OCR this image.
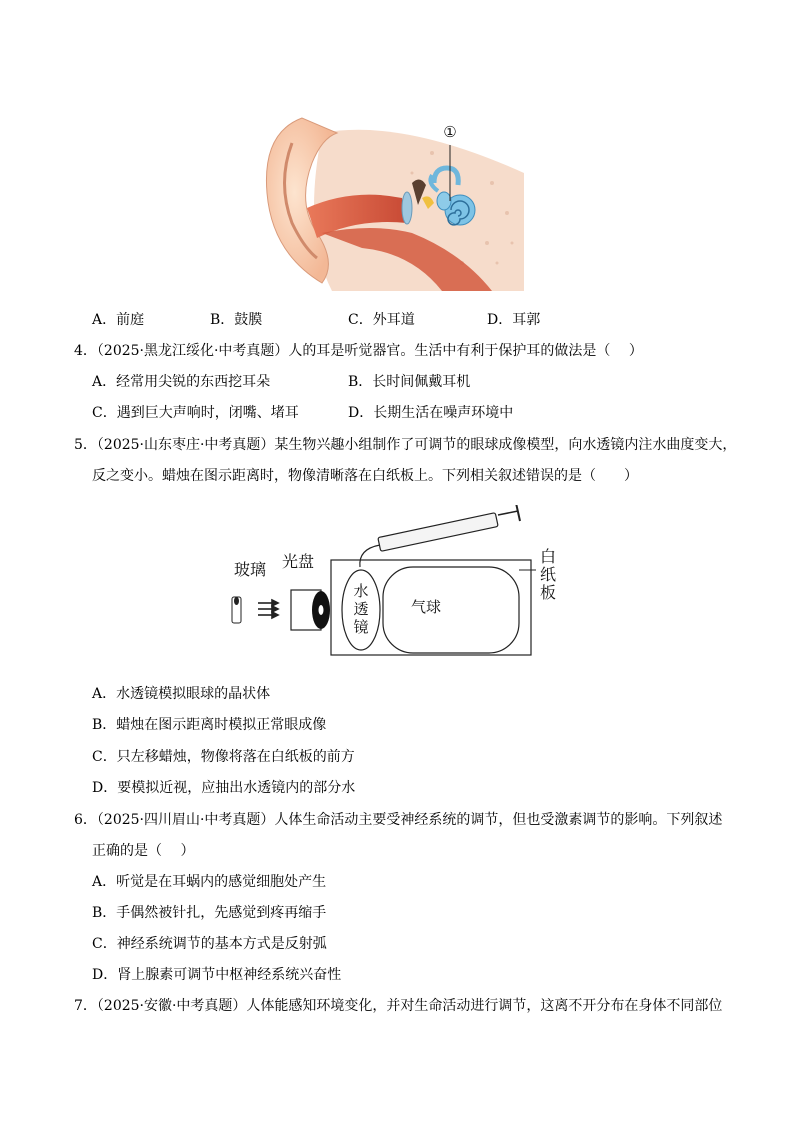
①
A．前庭	B．鼓膜	C．外耳道	D．耳郭
4．（2025·黑龙江绥化·中考真题）人的耳是听觉器官。生活中有利于保护耳的做法是（　 ）
A．经常用尖锐的东西挖耳朵	B．长时间佩戴耳机
C．遇到巨大声响时，闭嘴、堵耳	D．长期生活在噪声环境中
5．（2025·山东枣庄·中考真题）某生物兴趣小组制作了可调节的眼球成像模型，向水透镜内注水曲度变大，
反之变小。蜡烛在图示距离时，物像清晰落在白纸板上。下列相关叙述错误的是（　　）
玻璃 光盘
水
透
镜
气球
白
纸
板
A．水透镜模拟眼球的晶状体
B．蜡烛在图示距离时模拟正常眼成像
C．只左移蜡烛，物像将落在白纸板的前方
D．要模拟近视，应抽出水透镜内的部分水
6．（2025·四川眉山·中考真题）人体生命活动主要受神经系统的调节，但也受激素调节的影响。下列叙述
正确的是（　 ）
A．听觉是在耳蜗内的感觉细胞处产生
B．手偶然被针扎，先感觉到疼再缩手
C．神经系统调节的基本方式是反射弧
D．肾上腺素可调节中枢神经系统兴奋性
7．（2025·安徽·中考真题）人体能感知环境变化，并对生命活动进行调节，这离不开分布在身体不同部位
